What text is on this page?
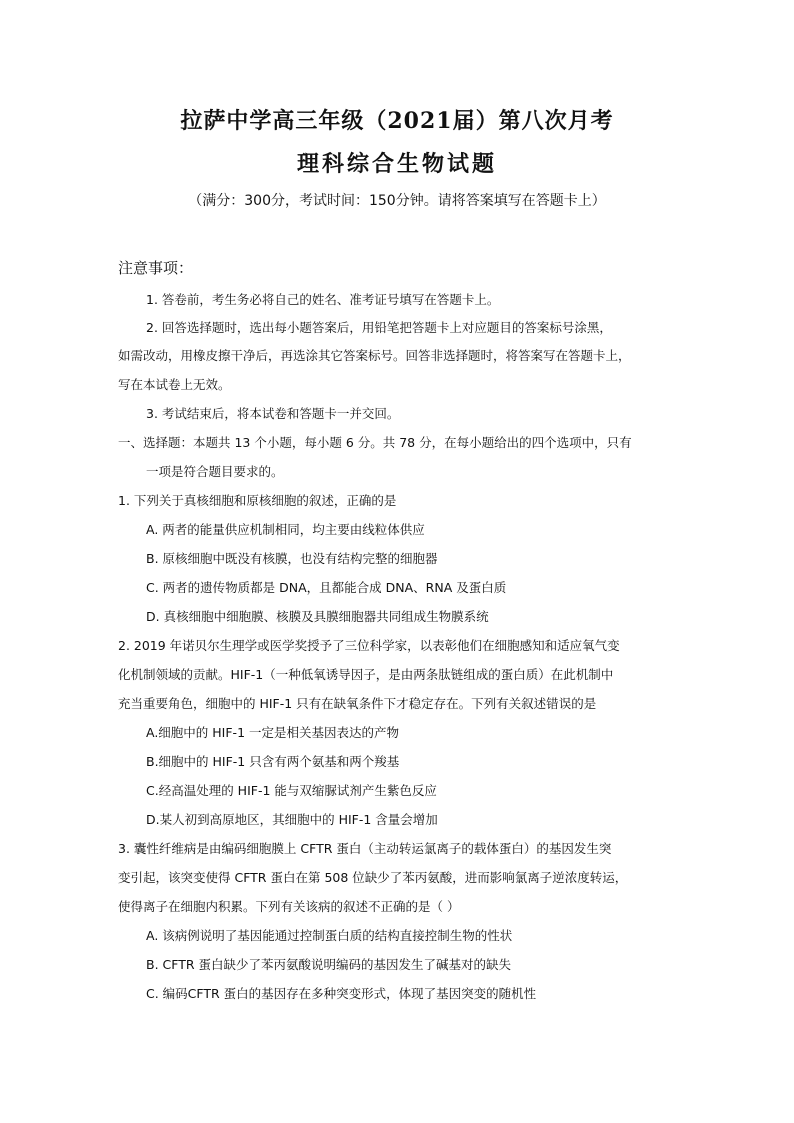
拉萨中学高三年级（2021届）第八次月考
理科综合生物试题
（满分：300分，考试时间：150分钟。请将答案填写在答题卡上）
注意事项：
1. 答卷前，考生务必将自己的姓名、准考证号填写在答题卡上。
2. 回答选择题时，选出每小题答案后，用铅笔把答题卡上对应题目的答案标号涂黑，
如需改动，用橡皮擦干净后，再选涂其它答案标号。回答非选择题时，将答案写在答题卡上，
写在本试卷上无效。
3. 考试结束后，将本试卷和答题卡一并交回。
一、选择题：本题共 13 个小题，每小题 6 分。共 78 分，在每小题给出的四个选项中，只有
一项是符合题目要求的。
1. 下列关于真核细胞和原核细胞的叙述，正确的是
A. 两者的能量供应机制相同，均主要由线粒体供应
B. 原核细胞中既没有核膜，也没有结构完整的细胞器
C. 两者的遗传物质都是 DNA，且都能合成 DNA、RNA 及蛋白质
D. 真核细胞中细胞膜、核膜及具膜细胞器共同组成生物膜系统
2. 2019 年诺贝尔生理学或医学奖授予了三位科学家，以表彰他们在细胞感知和适应氧气变
化机制领域的贡献。HIF-1（一种低氧诱导因子，是由两条肽链组成的蛋白质）在此机制中
充当重要角色，细胞中的 HIF-1 只有在缺氧条件下才稳定存在。下列有关叙述错误的是
A.细胞中的 HIF-1 一定是相关基因表达的产物
B.细胞中的 HIF-1 只含有两个氨基和两个羧基
C.经高温处理的 HIF-1 能与双缩脲试剂产生紫色反应
D.某人初到高原地区，其细胞中的 HIF-1 含量会增加
3. 囊性纤维病是由编码细胞膜上 CFTR 蛋白（主动转运氯离子的载体蛋白）的基因发生突
变引起，该突变使得 CFTR 蛋白在第 508 位缺少了苯丙氨酸，进而影响氯离子逆浓度转运，
使得离子在细胞内积累。下列有关该病的叙述不正确的是（ ）
A. 该病例说明了基因能通过控制蛋白质的结构直接控制生物的性状
B. CFTR 蛋白缺少了苯丙氨酸说明编码的基因发生了碱基对的缺失
C. 编码CFTR 蛋白的基因存在多种突变形式，体现了基因突变的随机性
